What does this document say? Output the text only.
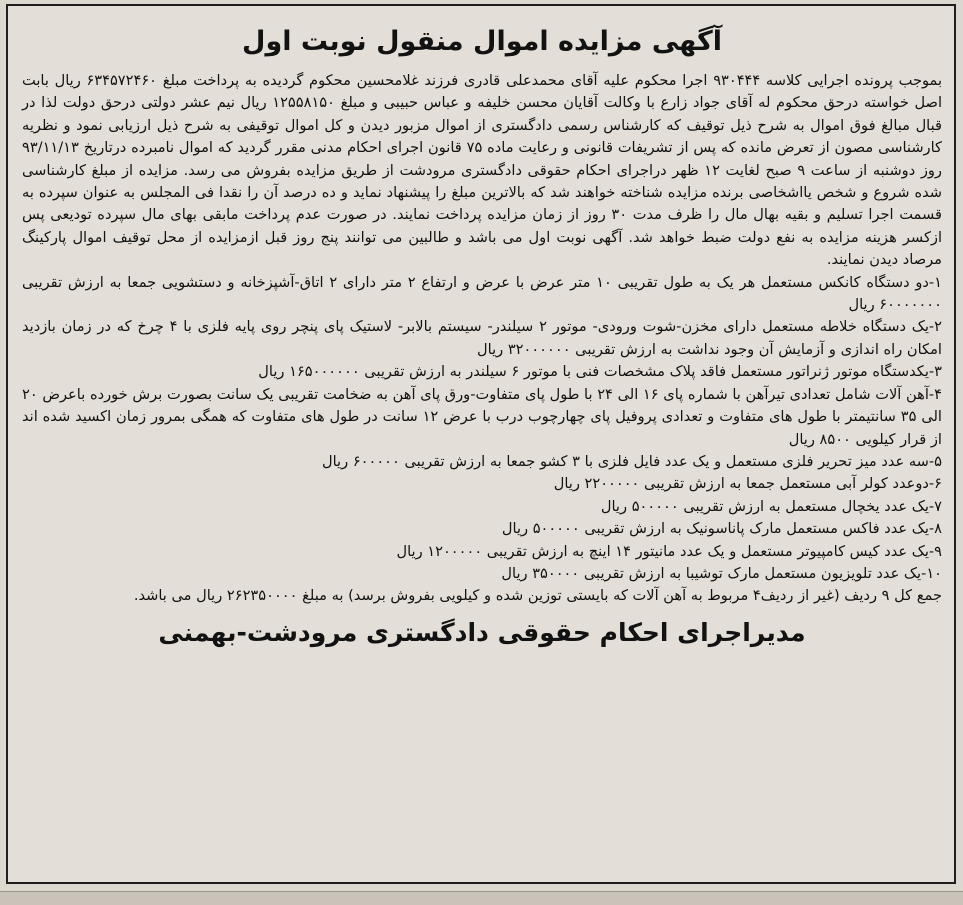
آگهی مزایده اموال منقول نوبت اول

بموجب پرونده اجرایی کلاسه ۹۳۰۴۴۴ اجرا محکوم علیه آقای محمدعلی قادری فرزند غلامحسین محکوم گردیده به پرداخت مبلغ ۶۳۴۵۷۲۴۶۰ ریال بابت اصل خواسته درحق محکوم له آقای جواد زارع با وکالت آقایان محسن خلیفه و عباس حبیبی و مبلغ ۱۲۵۵۸۱۵۰ ریال نیم عشر دولتی درحق دولت لذا در قبال مبالغ فوق اموال به شرح ذیل توقیف که کارشناس رسمی دادگستری از اموال مزبور دیدن و کل اموال توقیفی به شرح ذیل ارزیابی نمود و نظریه کارشناسی مصون از تعرض مانده که پس از تشریفات قانونی و رعایت ماده ۷۵ قانون اجرای احکام مدنی مقرر گردید که اموال نامبرده درتاریخ ۹۳/۱۱/۱۳ روز دوشنبه از ساعت ۹ صبح لغایت ۱۲ ظهر دراجرای احکام حقوقی دادگستری مرودشت از طریق مزایده بفروش می رسد. مزایده از مبلغ کارشناسی شده شروع و شخص یااشخاصی برنده مزایده شناخته خواهند شد که بالاترین مبلغ را پیشنهاد نماید و ده درصد آن را نقدا فی المجلس به عنوان سپرده به قسمت اجرا تسلیم و بقیه بهال مال را ظرف مدت ۳۰ روز از زمان مزایده پرداخت نمایند. در صورت عدم پرداخت مابقی بهای مال سپرده تودیعی پس ازکسر هزینه مزایده به نفع دولت ضبط خواهد شد. آگهی نوبت اول می باشد و طالبین می توانند پنج روز قبل ازمزایده از محل توقیف اموال پارکینگ مرصاد دیدن نمایند.

۱-دو دستگاه کانکس مستعمل هر یک به طول تقریبی ۱۰ متر عرض با عرض و ارتفاع ۲ متر دارای ۲ اتاق-آشپزخانه و دستشویی جمعا به ارزش تقریبی ۶۰۰۰۰۰۰۰ ریال
۲-یک دستگاه خلاطه مستعمل دارای مخزن-شوت ورودی- موتور ۲ سیلندر- سیستم بالابر- لاستیک پای پنچر روی پایه فلزی با ۴ چرخ که در زمان بازدید امکان راه اندازی و آزمایش آن وجود نداشت به ارزش تقریبی ۳۲۰۰۰۰۰۰ ریال
۳-یکدستگاه موتور ژنراتور مستعمل فاقد پلاک مشخصات فنی با موتور ۶ سیلندر به ارزش تقریبی ۱۶۵۰۰۰۰۰۰ ریال
۴-آهن آلات شامل تعدادی تیرآهن با شماره پای ۱۶ الی ۲۴ با طول پای متفاوت-ورق پای آهن به ضخامت تقریبی یک سانت بصورت برش خورده باعرض ۲۰ الی ۳۵ سانتیمتر با طول های متفاوت و تعدادی پروفیل پای چهارچوب درب با عرض ۱۲ سانت در طول های متفاوت که همگی بمرور زمان اکسید شده اند از قرار کیلویی ۸۵۰۰ ریال
۵-سه عدد میز تحریر فلزی مستعمل و یک عدد فایل فلزی با ۳ کشو جمعا به ارزش تقریبی ۶۰۰۰۰۰ ریال
۶-دوعدد کولر آبی مستعمل جمعا به ارزش تقریبی ۲۲۰۰۰۰۰ ریال
۷-یک عدد یخچال مستعمل به ارزش تقریبی ۵۰۰۰۰۰ ریال
۸-یک عدد فاکس مستعمل مارک پاناسونیک به ارزش تقریبی ۵۰۰۰۰۰ ریال
۹-یک عدد کیس کامپیوتر مستعمل و یک عدد مانیتور ۱۴ اینچ به ارزش تقریبی ۱۲۰۰۰۰۰ ریال
۱۰-یک عدد تلویزیون مستعمل مارک توشیبا به ارزش تقریبی ۳۵۰۰۰۰ ریال

جمع کل ۹ ردیف (غیر از ردیف۴ مربوط به آهن آلات که بایستی توزین شده و کیلویی بفروش برسد) به مبلغ ۲۶۲۳۵۰۰۰۰ ریال می باشد.

مدیراجرای احکام حقوقی دادگستری مرودشت-بهمنی
